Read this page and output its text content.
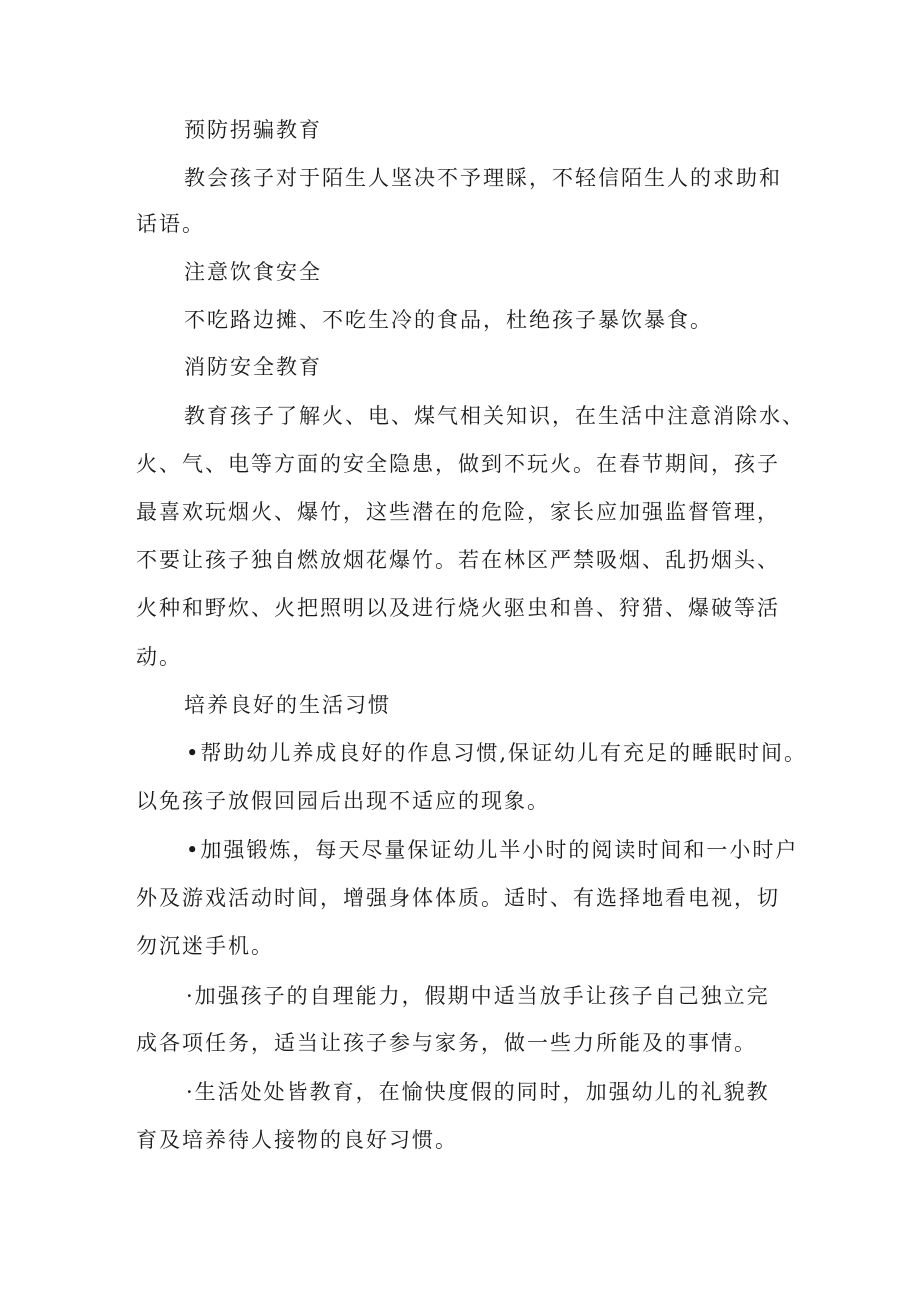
预防拐骗教育
教会孩子对于陌生人坚决不予理睬，不轻信陌生人的求助和
话语。
注意饮食安全
不吃路边摊、不吃生冷的食品，杜绝孩子暴饮暴食。
消防安全教育
教育孩子了解火、电、煤气相关知识，在生活中注意消除水、
火、气、电等方面的安全隐患，做到不玩火。在春节期间，孩子
最喜欢玩烟火、爆竹，这些潜在的危险，家长应加强监督管理，
不要让孩子独自燃放烟花爆竹。若在林区严禁吸烟、乱扔烟头、
火种和野炊、火把照明以及进行烧火驱虫和兽、狩猎、爆破等活
动。
培养良好的生活习惯
•帮助幼儿养成良好的作息习惯,保证幼儿有充足的睡眠时间。
以免孩子放假回园后出现不适应的现象。
•加强锻炼，每天尽量保证幼儿半小时的阅读时间和一小时户
外及游戏活动时间，增强身体体质。适时、有选择地看电视，切
勿沉迷手机。
·加强孩子的自理能力，假期中适当放手让孩子自己独立完
成各项任务，适当让孩子参与家务，做一些力所能及的事情。
·生活处处皆教育，在愉快度假的同时，加强幼儿的礼貌教
育及培养待人接物的良好习惯。
